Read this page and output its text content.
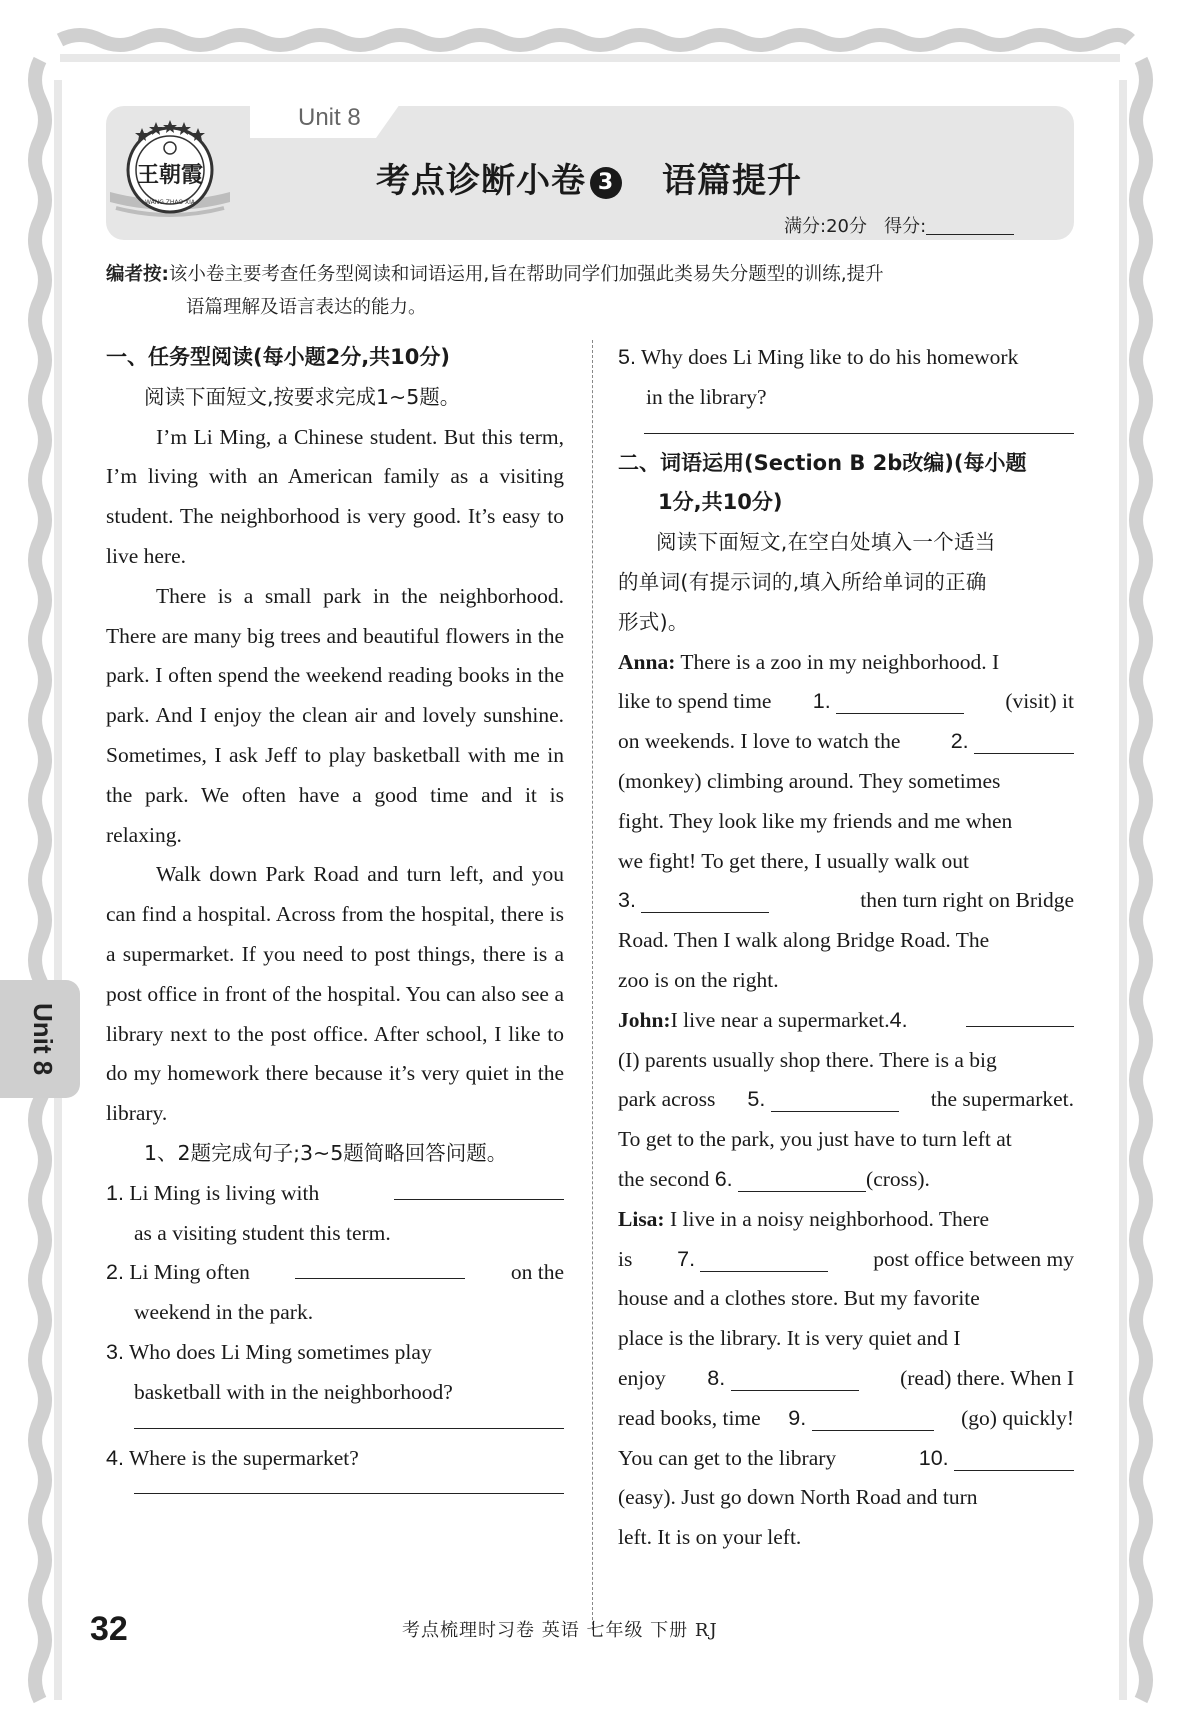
Unit 8
王朝霞
WANG ZHAO XIA
考点诊断小卷 3 语篇提升
满分:20分 得分:
编者按:该小卷主要考查任务型阅读和词语运用,旨在帮助同学们加强此类易失分题型的训练,提升
语篇理解及语言表达的能力。
一、任务型阅读(每小题2分,共10分)
阅读下面短文,按要求完成1~5题。

I’m Li Ming, a Chinese student. But this term, I’m living with an American family as a visiting student. The neighborhood is very good. It’s easy to live here.

There is a small park in the neighborhood. There are many big trees and beautiful flowers in the park. I often spend the weekend reading books in the park. And I enjoy the clean air and lovely sunshine. Sometimes, I ask Jeff to play basketball with me in the park. We often have a good time and it is relaxing.

Walk down Park Road and turn left, and you can find a hospital. Across from the hospital, there is a supermarket. If you need to post things, there is a post office in front of the hospital. You can also see a library next to the post office. After school, I like to do my homework there because it’s very quiet in the library.

1、2题完成句子;3~5题简略回答问题。
1. Li Ming is living with
as a visiting student this term.
2. Li Ming often	on the
weekend in the park.
3. Who does Li Ming sometimes play
basketball with in the neighborhood?
4. Where is the supermarket?
5. Why does Li Ming like to do his homework
in the library?
二、词语运用(Section B 2b改编)(每小题
1分,共10分)
阅读下面短文,在空白处填入一个适当
的单词(有提示词的,填入所给单词的正确
形式)。
Anna: There is a zoo in my neighborhood. I
like to spend time 1.	(visit) it
on weekends. I love to watch the 2.
(monkey) climbing around. They sometimes
fight. They look like my friends and me when
we fight! To get there, I usually walk out
3.	then turn right on Bridge
Road. Then I walk along Bridge Road. The
zoo is on the right.
John:I live near a supermarket.4.
(I) parents usually shop there. There is a big
park across 5.	the supermarket.
To get to the park, you just have to turn left at
the second 6.	(cross).
Lisa: I live in a noisy neighborhood. There
is 7.	post office between my
house and a clothes store. But my favorite
place is the library. It is very quiet and I
enjoy 8.	(read) there. When I
read books, time 9.	(go) quickly!
You can get to the library	10.
(easy). Just go down North Road and turn
left. It is on your left.
Unit 8
32	考点梳理时习卷 英语 七年级 下册 RJ
